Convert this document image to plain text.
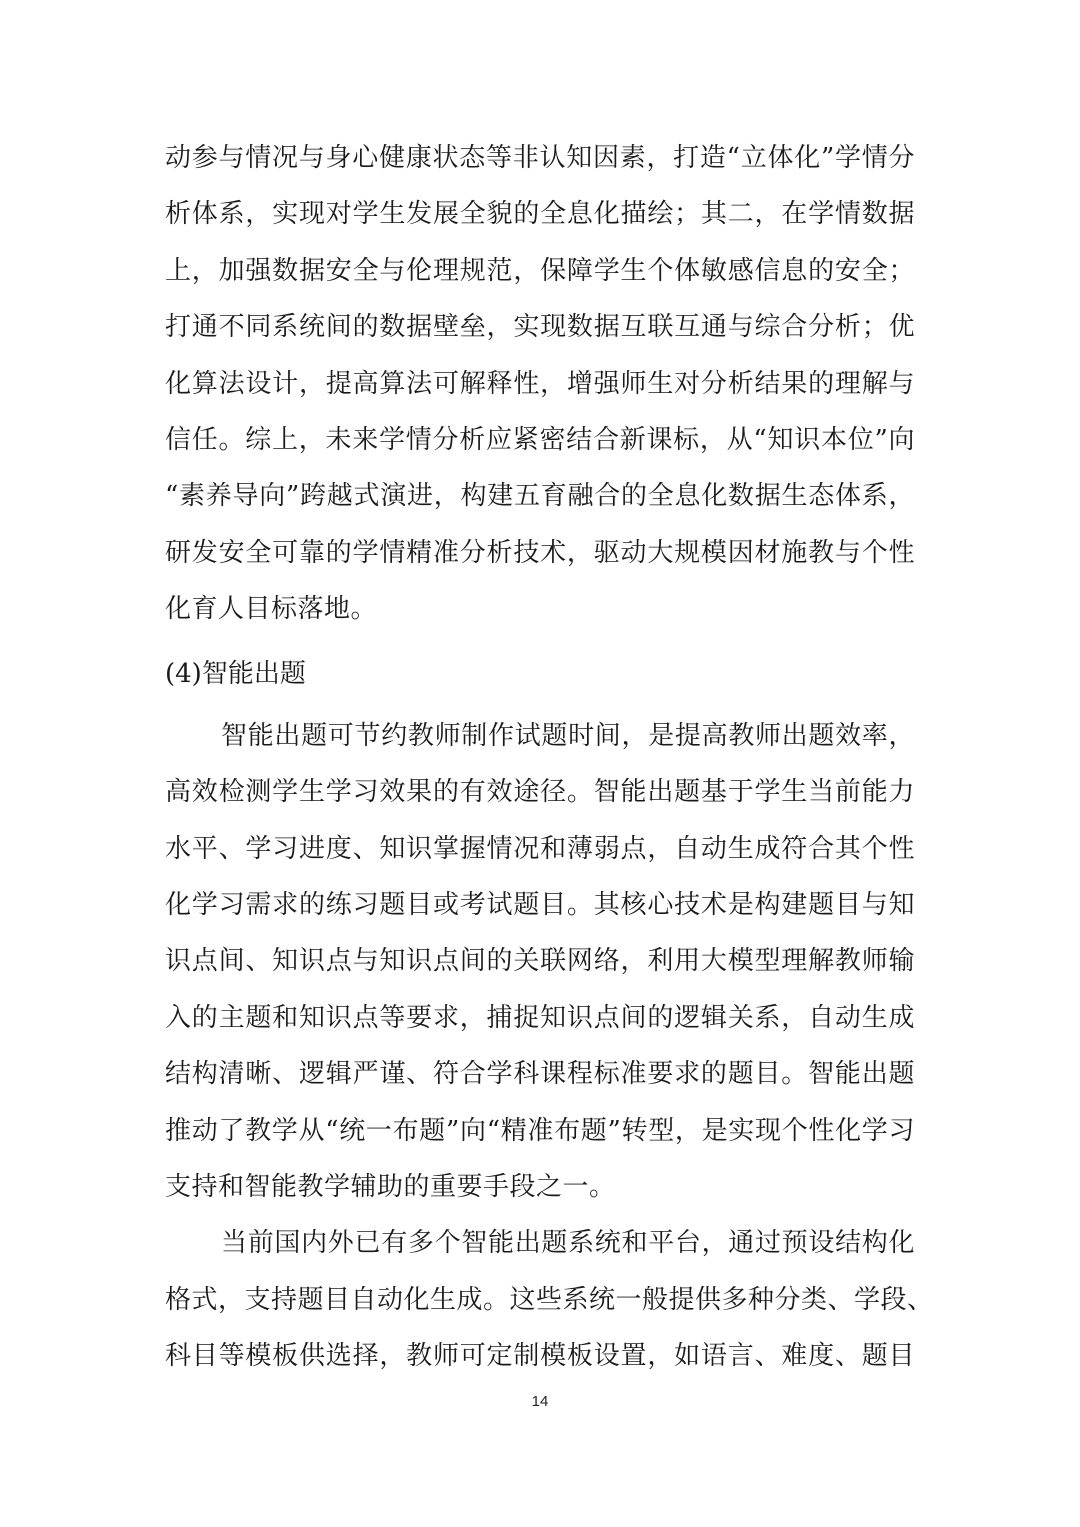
动参与情况与身心健康状态等非认知因素，打造“立体化”学情分
析体系，实现对学生发展全貌的全息化描绘；其二，在学情数据
上，加强数据安全与伦理规范，保障学生个体敏感信息的安全；
打通不同系统间的数据壁垒，实现数据互联互通与综合分析；优
化算法设计，提高算法可解释性，增强师生对分析结果的理解与
信任。综上，未来学情分析应紧密结合新课标，从“知识本位”向
“素养导向”跨越式演进，构建五育融合的全息化数据生态体系，
研发安全可靠的学情精准分析技术，驱动大规模因材施教与个性
化育人目标落地。
(4)智能出题
智能出题可节约教师制作试题时间，是提高教师出题效率，
高效检测学生学习效果的有效途径。智能出题基于学生当前能力
水平、学习进度、知识掌握情况和薄弱点，自动生成符合其个性
化学习需求的练习题目或考试题目。其核心技术是构建题目与知
识点间、知识点与知识点间的关联网络，利用大模型理解教师输
入的主题和知识点等要求，捕捉知识点间的逻辑关系，自动生成
结构清晰、逻辑严谨、符合学科课程标准要求的题目。智能出题
推动了教学从“统一布题”向“精准布题”转型，是实现个性化学习
支持和智能教学辅助的重要手段之一。
当前国内外已有多个智能出题系统和平台，通过预设结构化
格式，支持题目自动化生成。这些系统一般提供多种分类、学段、
科目等模板供选择，教师可定制模板设置，如语言、难度、题目
14
